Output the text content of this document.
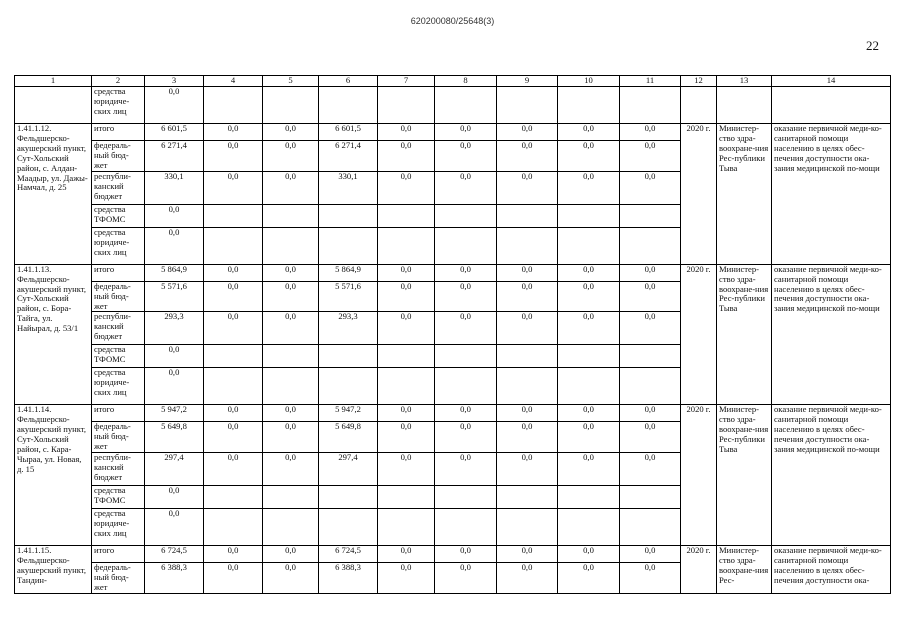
620200080/25648(3)
22
1	2	3	4	5	6	7	8	9	10	11	12	13	14
	средства юридиче-ских лиц	0,0											
1.41.1.12. Фельдшерско-акушерский пункт, Сут-Хольский район, с. Алдан-Маадыр, ул. Дажы-Намчал, д. 25	итого	6 601,5	0,0	0,0	6 601,5	0,0	0,0	0,0	0,0	0,0	2020 г.	Министер-ство здра-воохране-ния Рес-публики Тыва	оказание первичной меди-ко-санитарной помощи населению в целях обес-печения доступности ока-зания медицинской по-мощи
	федераль-ный бюд-жет	6 271,4	0,0	0,0	6 271,4	0,0	0,0	0,0	0,0	0,0			
	республи-канский бюджет	330,1	0,0	0,0	330,1	0,0	0,0	0,0	0,0	0,0			
	средства ТФОМС	0,0											
	средства юридиче-ских лиц	0,0											
1.41.1.13. Фельдшерско-акушерский пункт, Сут-Хольский район, с. Бора-Тайга, ул. Найырал, д. 53/1	итого	5 864,9	0,0	0,0	5 864,9	0,0	0,0	0,0	0,0	0,0	2020 г.	Министер-ство здра-воохране-ния Рес-публики Тыва	оказание первичной меди-ко-санитарной помощи населению в целях обес-печения доступности ока-зания медицинской по-мощи
	федераль-ный бюд-жет	5 571,6	0,0	0,0	5 571,6	0,0	0,0	0,0	0,0	0,0			
	республи-канский бюджет	293,3	0,0	0,0	293,3	0,0	0,0	0,0	0,0	0,0			
	средства ТФОМС	0,0											
	средства юридиче-ских лиц	0,0											
1.41.1.14. Фельдшерско-акушерский пункт, Сут-Хольский район, с. Кара-Чыраа, ул. Новая, д. 15	итого	5 947,2	0,0	0,0	5 947,2	0,0	0,0	0,0	0,0	0,0	2020 г.	Министер-ство здра-воохране-ния Рес-публики Тыва	оказание первичной меди-ко-санитарной помощи населению в целях обес-печения доступности ока-зания медицинской по-мощи
	федераль-ный бюд-жет	5 649,8	0,0	0,0	5 649,8	0,0	0,0	0,0	0,0	0,0			
	республи-канский бюджет	297,4	0,0	0,0	297,4	0,0	0,0	0,0	0,0	0,0			
	средства ТФОМС	0,0											
	средства юридиче-ских лиц	0,0											
1.41.1.15. Фельдшерско-акушерский пункт, Тандин-	итого	6 724,5	0,0	0,0	6 724,5	0,0	0,0	0,0	0,0	0,0	2020 г.	Министер-ство здра-воохране-ния Рес-	оказание первичной меди-ко-санитарной помощи населению в целях обес-печения доступности ока-
	федераль-ный бюд-жет	6 388,3	0,0	0,0	6 388,3	0,0	0,0	0,0	0,0	0,0			
